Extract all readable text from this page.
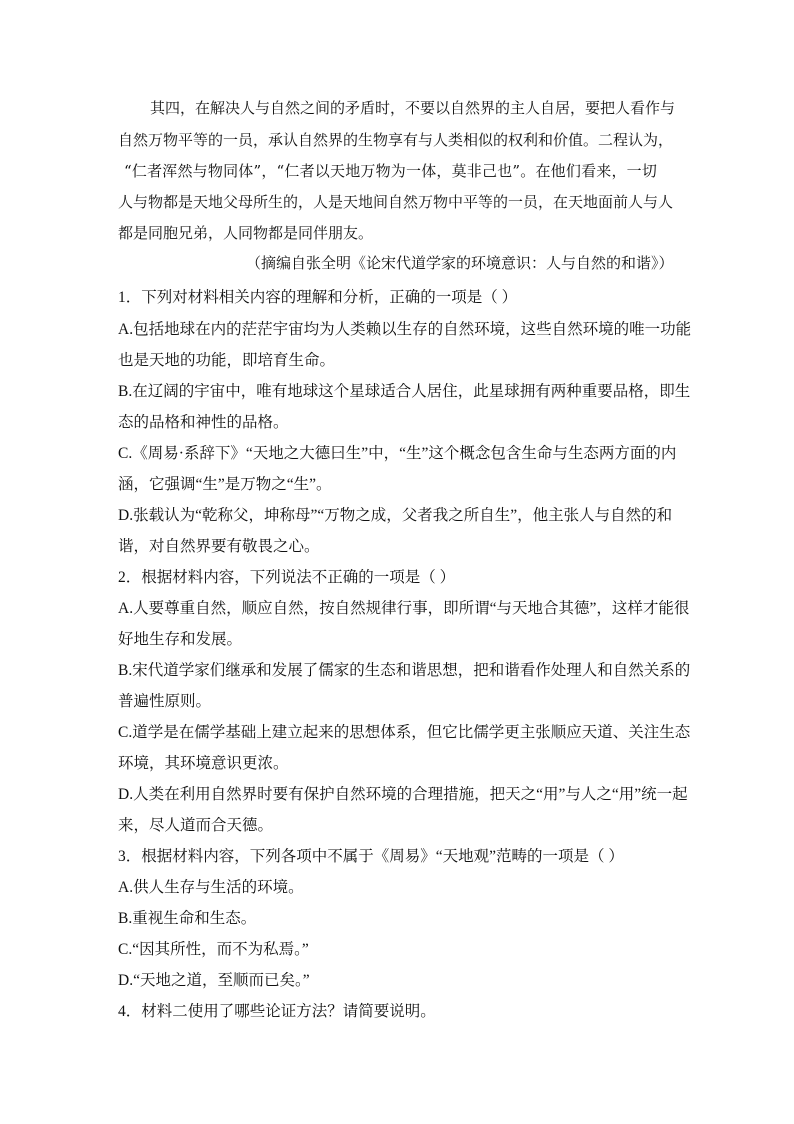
其四，在解决人与自然之间的矛盾时，不要以自然界的主人自居，要把人看作与
自然万物平等的一员，承认自然界的生物享有与人类相似的权利和价值。二程认为，
“仁者浑然与物同体”，“仁者以天地万物为一体，莫非己也”。在他们看来，一切
人与物都是天地父母所生的，人是天地间自然万物中平等的一员，在天地面前人与人
都是同胞兄弟，人同物都是同伴朋友。
（摘编自张全明《论宋代道学家的环境意识：人与自然的和谐》）
1．下列对材料相关内容的理解和分析，正确的一项是（ ）
A.包括地球在内的茫茫宇宙均为人类赖以生存的自然环境，这些自然环境的唯一功能
也是天地的功能，即培育生命。
B.在辽阔的宇宙中，唯有地球这个星球适合人居住，此星球拥有两种重要品格，即生
态的品格和神性的品格。
C.《周易·系辞下》“天地之大德曰生”中，“生”这个概念包含生命与生态两方面的内
涵，它强调“生”是万物之“生”。
D.张载认为“乾称父，坤称母”“万物之成，父者我之所自生”，他主张人与自然的和
谐，对自然界要有敬畏之心。
2．根据材料内容，下列说法不正确的一项是（ ）
A.人要尊重自然，顺应自然，按自然规律行事，即所谓“与天地合其德”，这样才能很
好地生存和发展。
B.宋代道学家们继承和发展了儒家的生态和谐思想，把和谐看作处理人和自然关系的
普遍性原则。
C.道学是在儒学基础上建立起来的思想体系，但它比儒学更主张顺应天道、关注生态
环境，其环境意识更浓。
D.人类在利用自然界时要有保护自然环境的合理措施，把天之“用”与人之“用”统一起
来，尽人道而合天德。
3．根据材料内容，下列各项中不属于《周易》“天地观”范畴的一项是（ ）
A.供人生存与生活的环境。
B.重视生命和生态。
C.“因其所性，而不为私焉。”
D.“天地之道，至顺而已矣。”
4．材料二使用了哪些论证方法？请简要说明。
